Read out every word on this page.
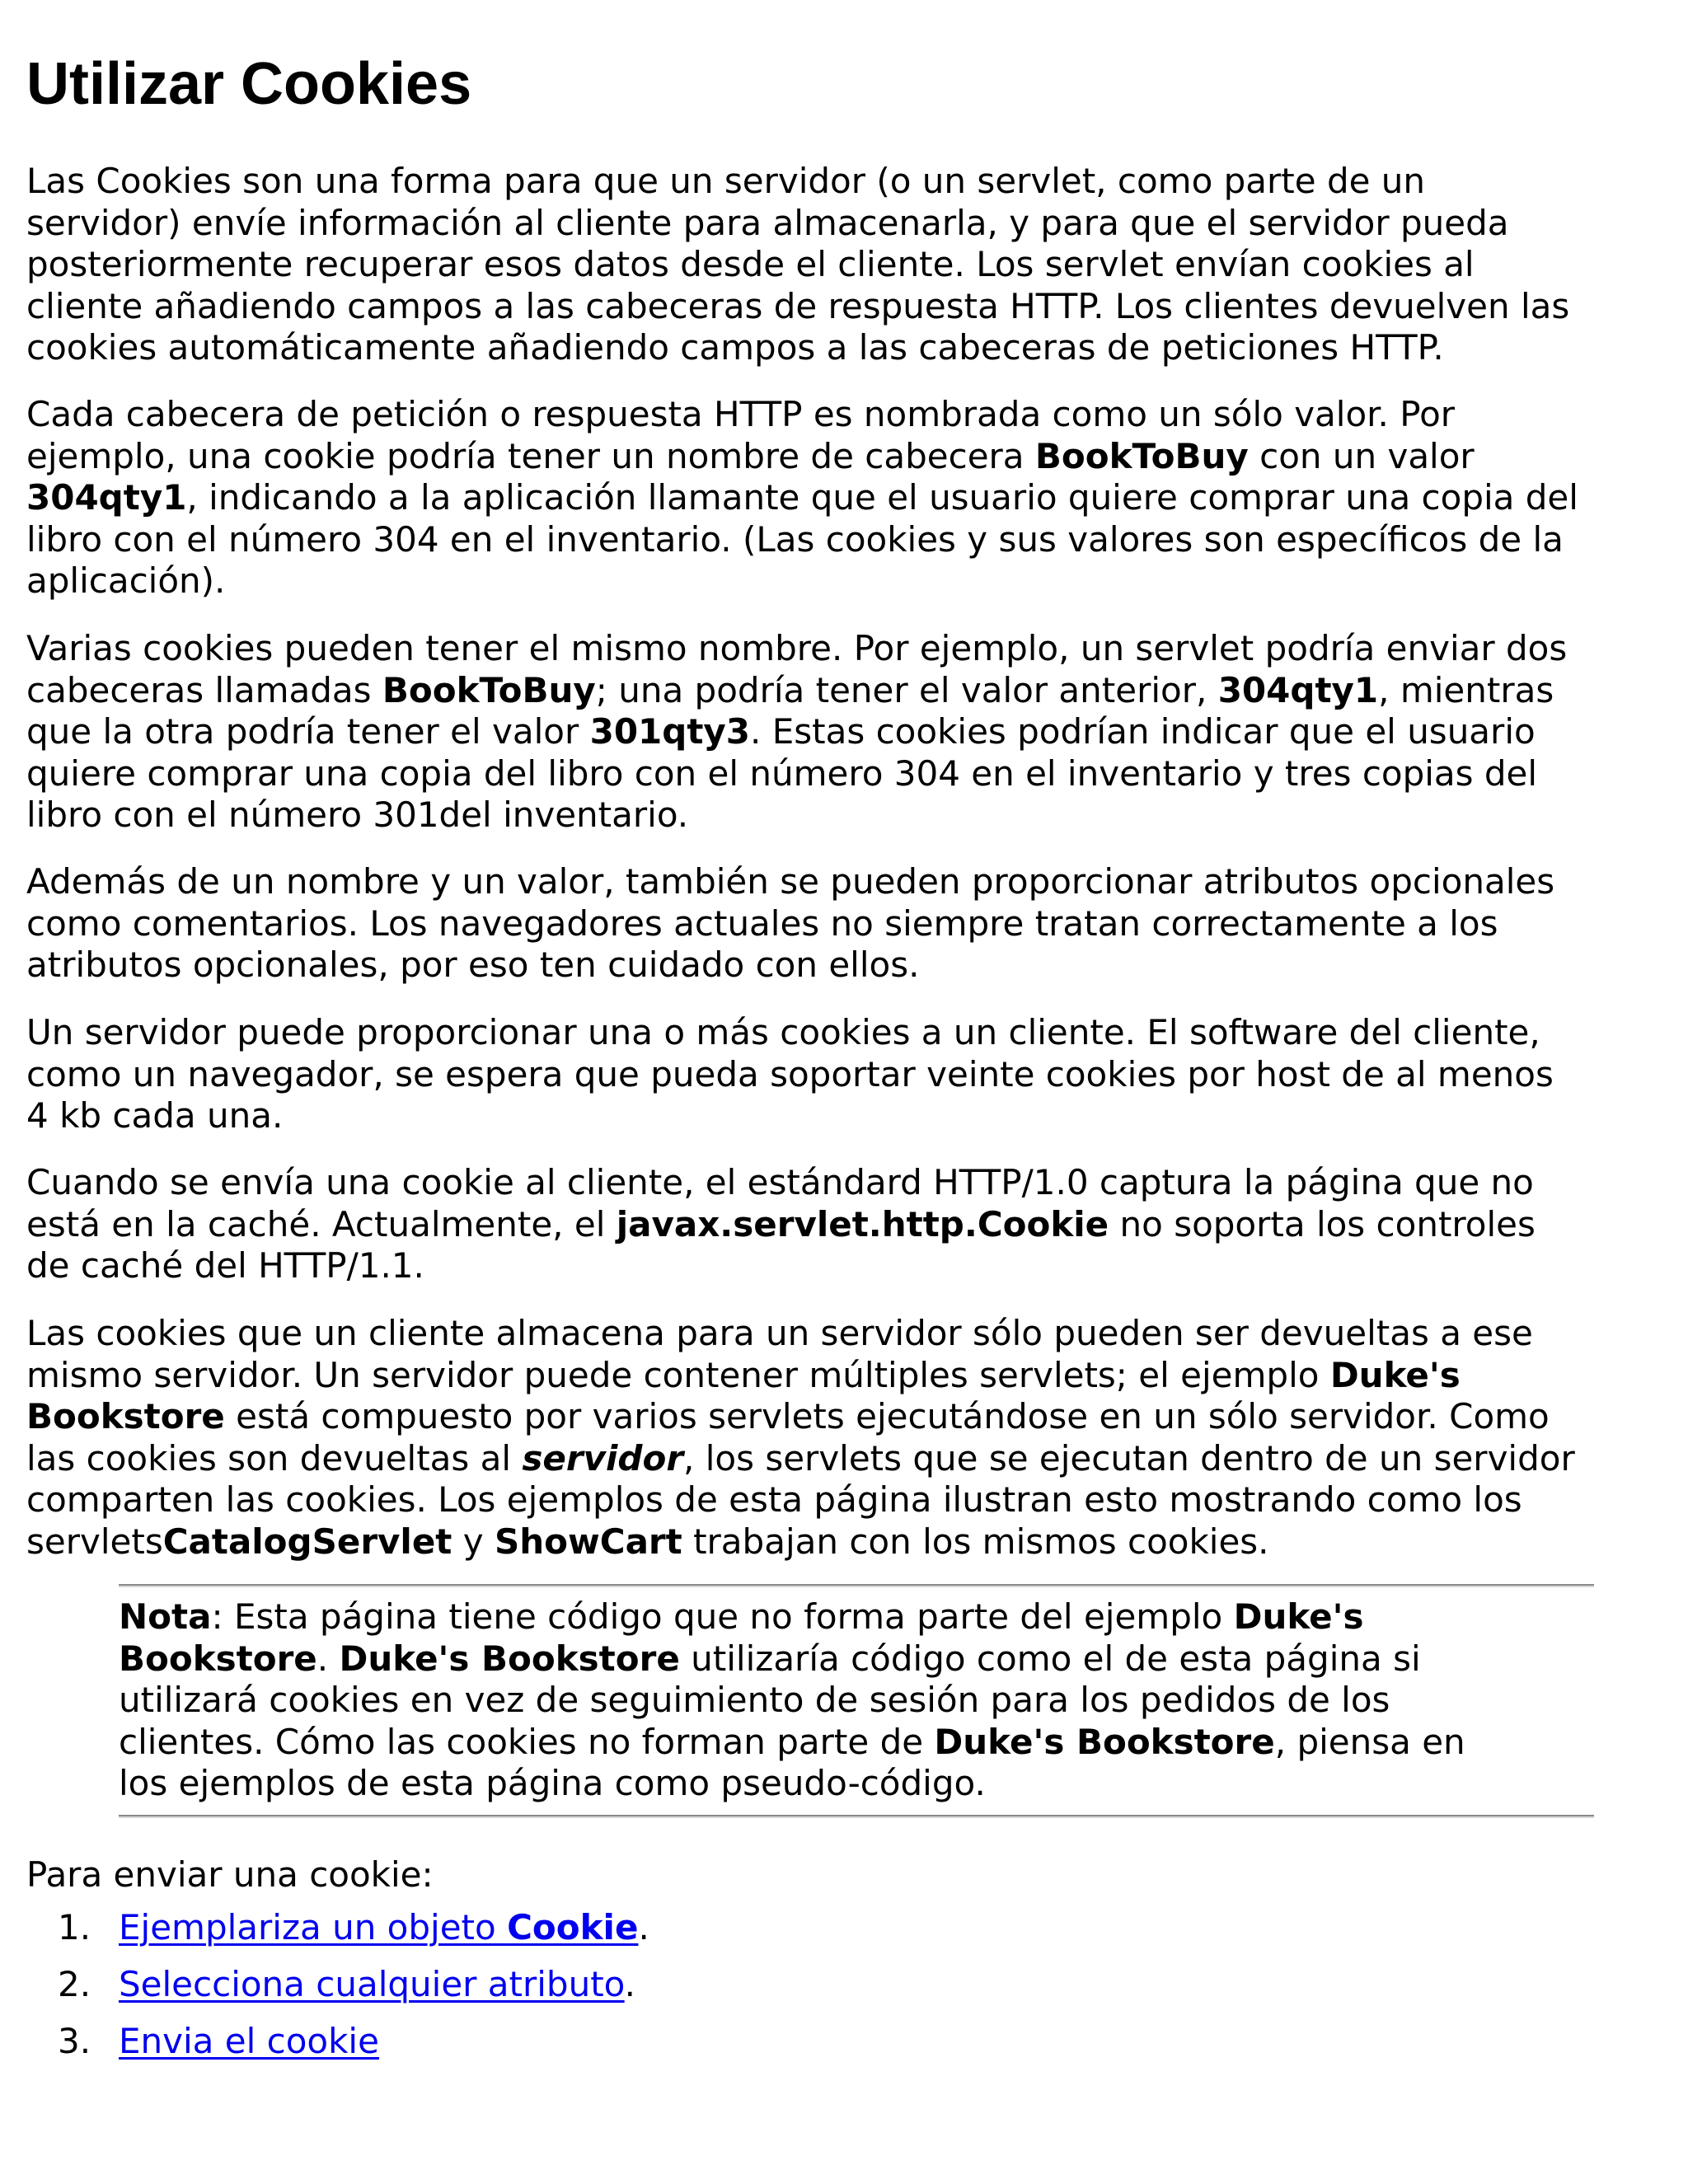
Utilizar Cookies

Las Cookies son una forma para que un servidor (o un servlet, como parte de un
servidor) envíe información al cliente para almacenarla, y para que el servidor pueda
posteriormente recuperar esos datos desde el cliente. Los servlet envían cookies al
cliente añadiendo campos a las cabeceras de respuesta HTTP. Los clientes devuelven las
cookies automáticamente añadiendo campos a las cabeceras de peticiones HTTP.

Cada cabecera de petición o respuesta HTTP es nombrada como un sólo valor. Por
ejemplo, una cookie podría tener un nombre de cabecera BookToBuy con un valor
304qty1, indicando a la aplicación llamante que el usuario quiere comprar una copia del
libro con el número 304 en el inventario. (Las cookies y sus valores son específicos de la
aplicación).

Varias cookies pueden tener el mismo nombre. Por ejemplo, un servlet podría enviar dos
cabeceras llamadas BookToBuy; una podría tener el valor anterior, 304qty1, mientras
que la otra podría tener el valor 301qty3. Estas cookies podrían indicar que el usuario
quiere comprar una copia del libro con el número 304 en el inventario y tres copias del
libro con el número 301del inventario.

Además de un nombre y un valor, también se pueden proporcionar atributos opcionales
como comentarios. Los navegadores actuales no siempre tratan correctamente a los
atributos opcionales, por eso ten cuidado con ellos.

Un servidor puede proporcionar una o más cookies a un cliente. El software del cliente,
como un navegador, se espera que pueda soportar veinte cookies por host de al menos
4 kb cada una.

Cuando se envía una cookie al cliente, el estándard HTTP/1.0 captura la página que no
está en la caché. Actualmente, el javax.servlet.http.Cookie no soporta los controles
de caché del HTTP/1.1.

Las cookies que un cliente almacena para un servidor sólo pueden ser devueltas a ese
mismo servidor. Un servidor puede contener múltiples servlets; el ejemplo Duke's
Bookstore está compuesto por varios servlets ejecutándose en un sólo servidor. Como
las cookies son devueltas al servidor, los servlets que se ejecutan dentro de un servidor
comparten las cookies. Los ejemplos de esta página ilustran esto mostrando como los
servletsCatalogServlet y ShowCart trabajan con los mismos cookies.

Nota: Esta página tiene código que no forma parte del ejemplo Duke's
Bookstore. Duke's Bookstore utilizaría código como el de esta página si
utilizará cookies en vez de seguimiento de sesión para los pedidos de los
clientes. Cómo las cookies no forman parte de Duke's Bookstore, piensa en
los ejemplos de esta página como pseudo-código.

Para enviar una cookie:

1. Ejemplariza un objeto Cookie.
2. Selecciona cualquier atributo.
3. Envia el cookie
